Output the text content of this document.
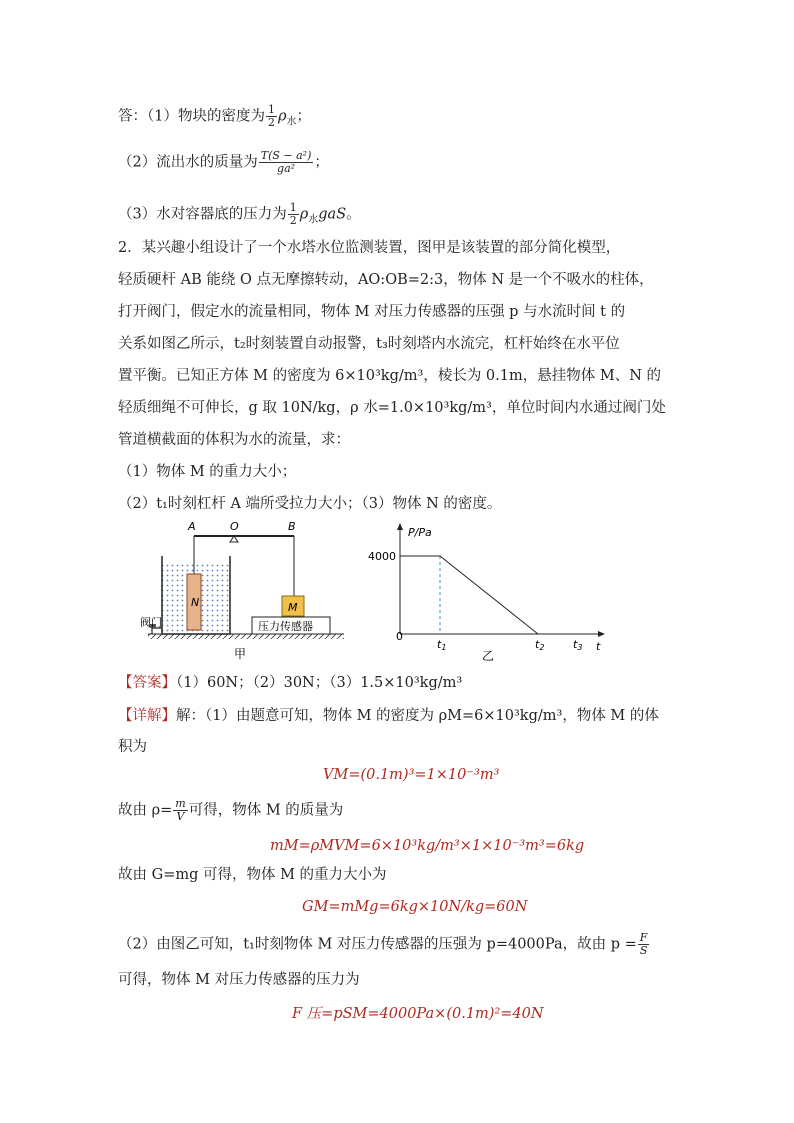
答：（1）物块的密度为 $\frac{1}{2} \rho_水$；
（2）流出水的质量为 $\frac{\text{T(S − a²)}}{\text{ga²}}$ ；
（3）水对容器底的压力为 $\frac{1}{2} \rho_水gaS$。
2．某兴趣小组设计了一个水塔水位监测装置，图甲是该装置的部分简化模型，
轻质硬杆 AB 能绕 O 点无摩擦转动，AO:OB=2:3，物体 N 是一个不吸水的柱体，
打开阀门，假定水的流量相同，物体 M 对压力传感器的压强 p 与水流时间 t 的
关系如图乙所示，t₂时刻装置自动报警，t₃时刻塔内水流完，杠杆始终在水平位
置平衡。已知正方体 M 的密度为 6×10³kg/m³，棱长为 0.1m，悬挂物体 M、N 的
轻质细绳不可伸长，g 取 10N/kg，ρ 水=1.0×10³kg/m³，单位时间内水通过阀门处
管道横截面的体积为水的流量，求：
（1）物体 M 的重力大小；
（2）t₁时刻杠杆 A 端所受拉力大小；（3）物体 N 的密度。
A	O	B
N	M
压力传感器
阀门
甲
P/Pa
t
4000
0
t1	t2	t3
乙
【答案】（1）60N；（2）30N；（3）1.5×10³kg/m³
【详解】解：（1）由题意可知，物体 M 的密度为 ρM=6×10³kg/m³，物体 M 的体
积为
VM=(0.1m)³=1×10⁻³m³
故由 $\rho= \frac{m}{V}$ 可得，物体 M 的质量为
mM=ρMVM=6×10³kg/m³×1×10⁻³m³=6kg
故由 G=mg 可得，物体 M 的重力大小为
GM=mMg=6kg×10N/kg=60N
（2）由图乙可知，t₁时刻物体 M 对压力传感器的压强为 p=4000Pa，故由 $p = \frac{F}{S}$
可得，物体 M 对压力传感器的压力为
F 压=pSM=4000Pa×(0.1m)²=40N
